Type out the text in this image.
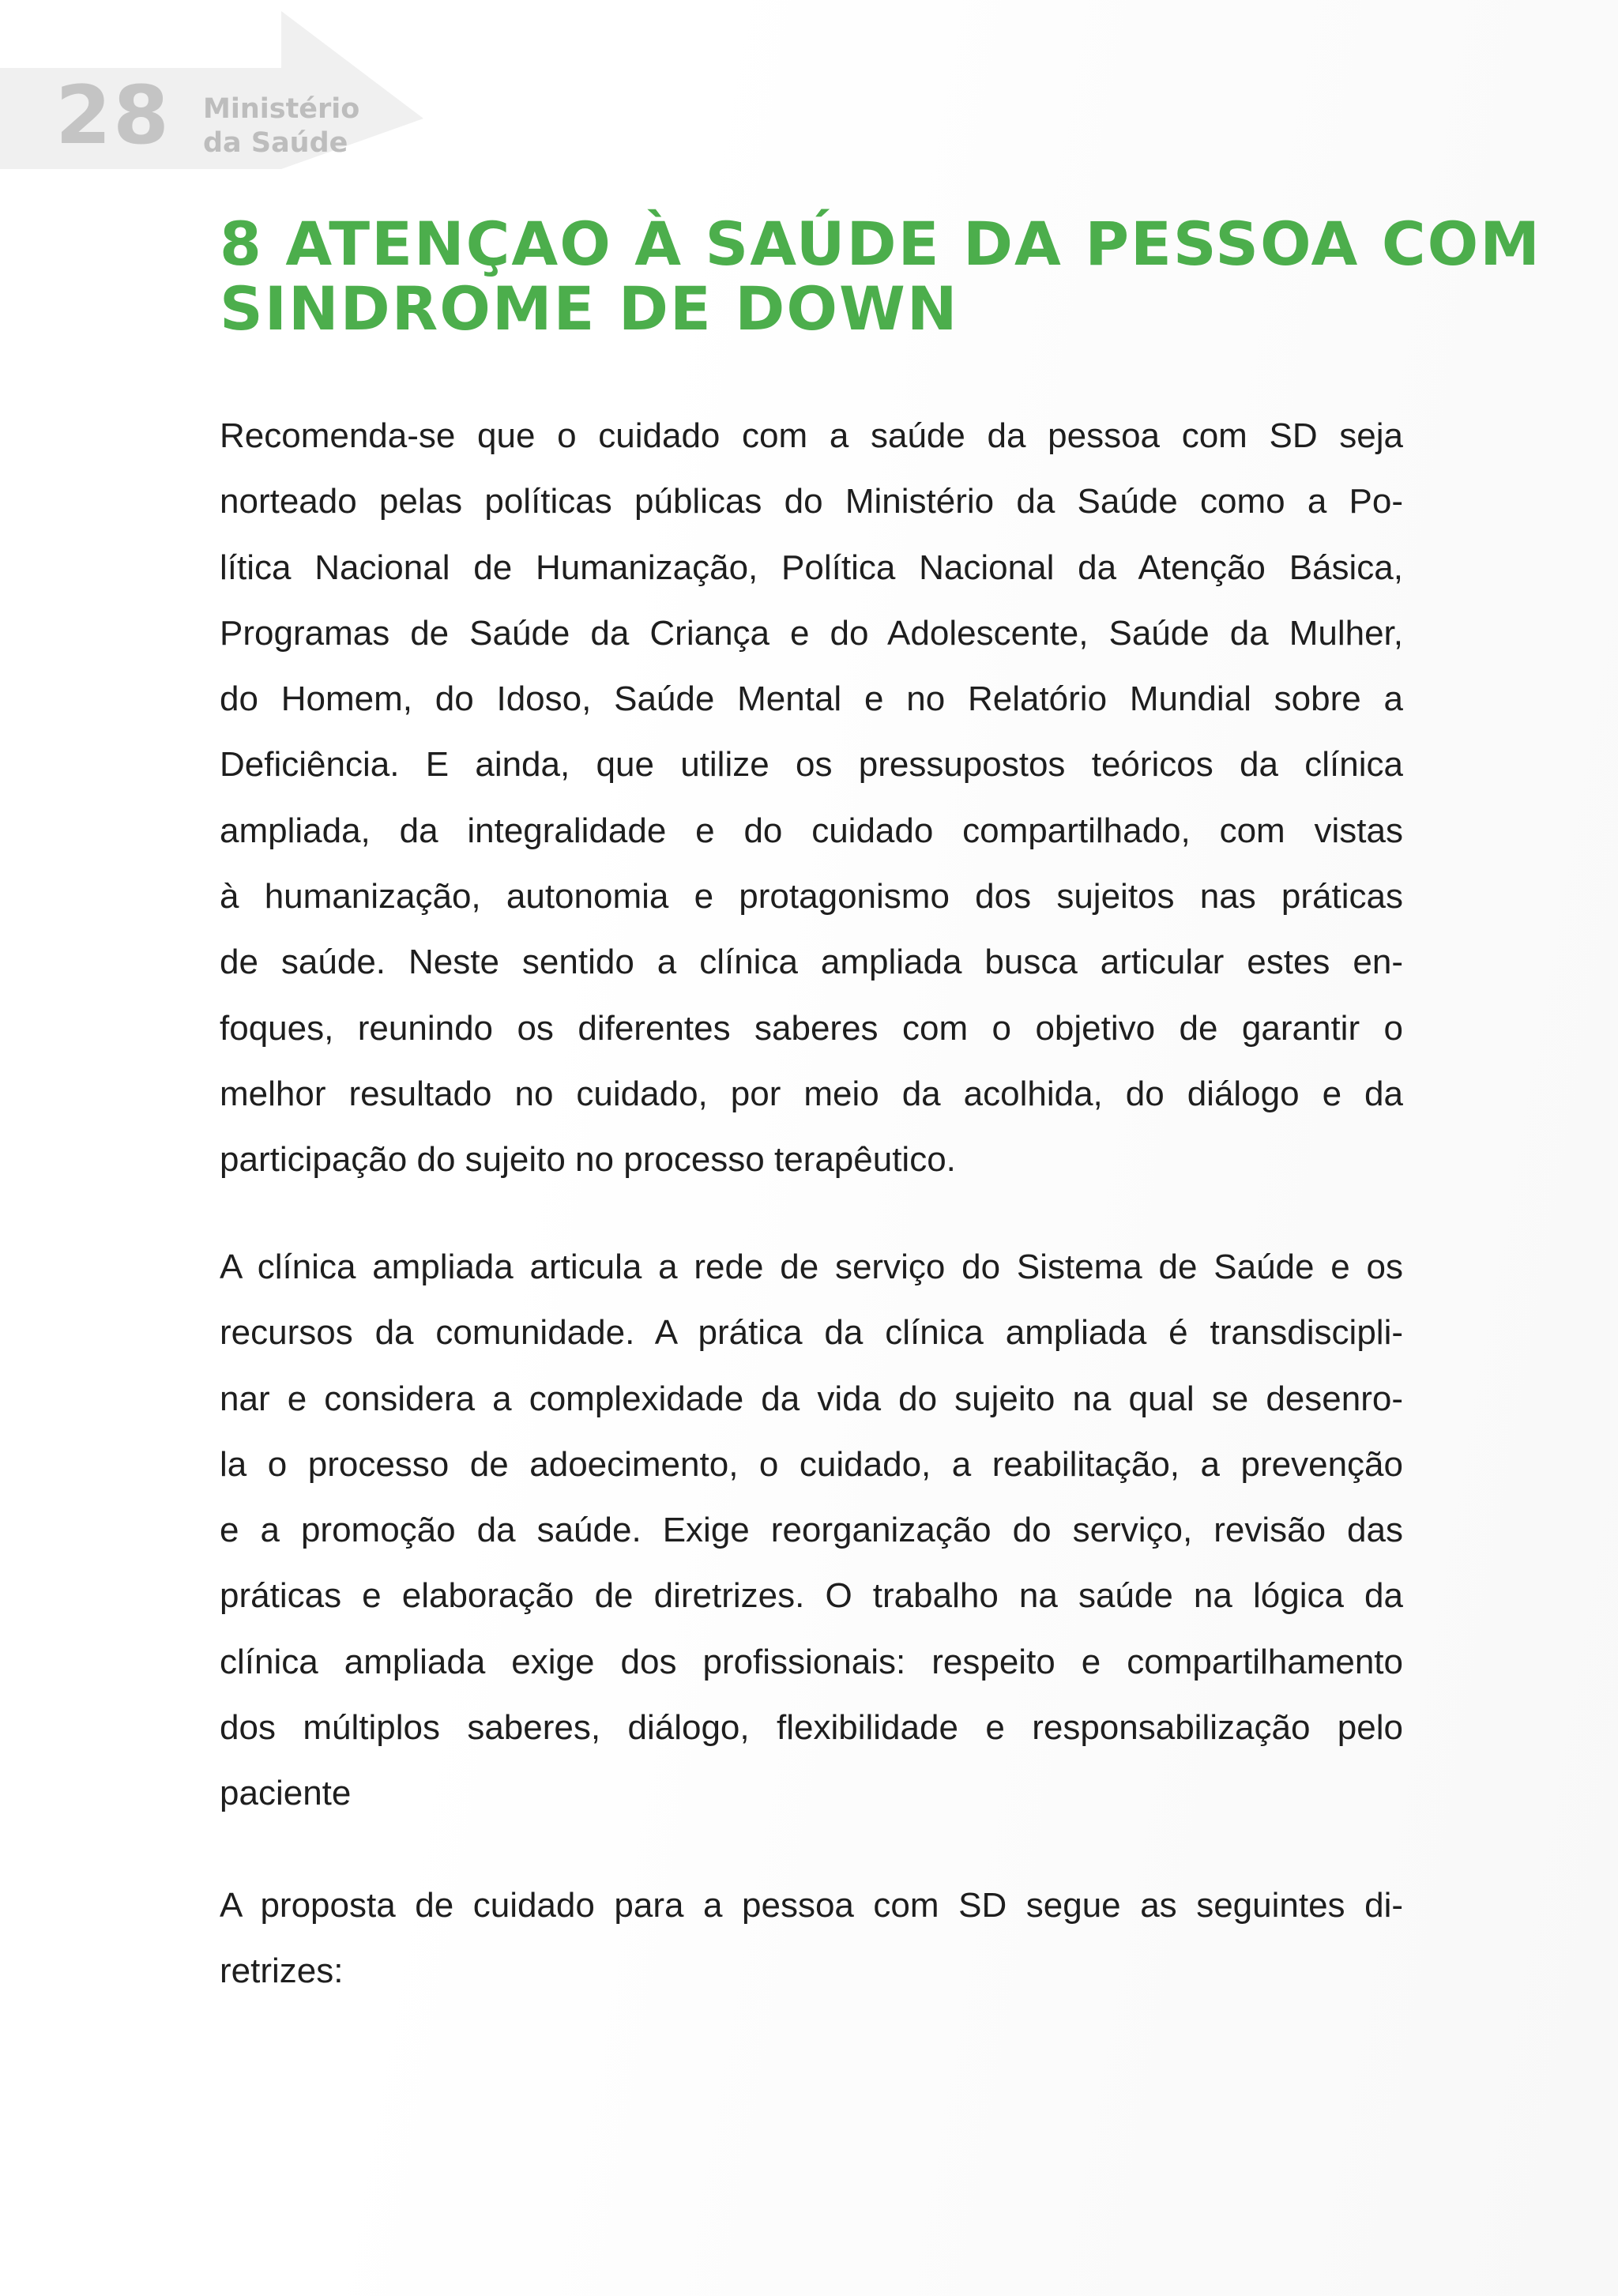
28 Ministério
da Saúde
8 ATENÇAO À SAÚDE DA PESSOA COM
SINDROME DE DOWN
Recomenda-se que o cuidado com a saúde da pessoa com SD seja
norteado pelas políticas públicas do Ministério da Saúde como a Po-
lítica Nacional de Humanização, Política Nacional da Atenção Básica,
Programas de Saúde da Criança e do Adolescente, Saúde da Mulher,
do Homem, do Idoso, Saúde Mental e no Relatório Mundial sobre a
Deficiência. E ainda, que utilize os pressupostos teóricos da clínica
ampliada, da integralidade e do cuidado compartilhado, com vistas
à humanização, autonomia e protagonismo dos sujeitos nas práticas
de saúde. Neste sentido a clínica ampliada busca articular estes en-
foques, reunindo os diferentes saberes com o objetivo de garantir o
melhor resultado no cuidado, por meio da acolhida, do diálogo e da
participação do sujeito no processo terapêutico.
A clínica ampliada articula a rede de serviço do Sistema de Saúde e os
recursos da comunidade. A prática da clínica ampliada é transdiscipli-
nar e considera a complexidade da vida do sujeito na qual se desenro-
la o processo de adoecimento, o cuidado, a reabilitação, a prevenção
e a promoção da saúde. Exige reorganização do serviço, revisão das
práticas e elaboração de diretrizes. O trabalho na saúde na lógica da
clínica ampliada exige dos profissionais: respeito e compartilhamento
dos múltiplos saberes, diálogo, flexibilidade e responsabilização pelo
paciente
A proposta de cuidado para a pessoa com SD segue as seguintes di-
retrizes:
